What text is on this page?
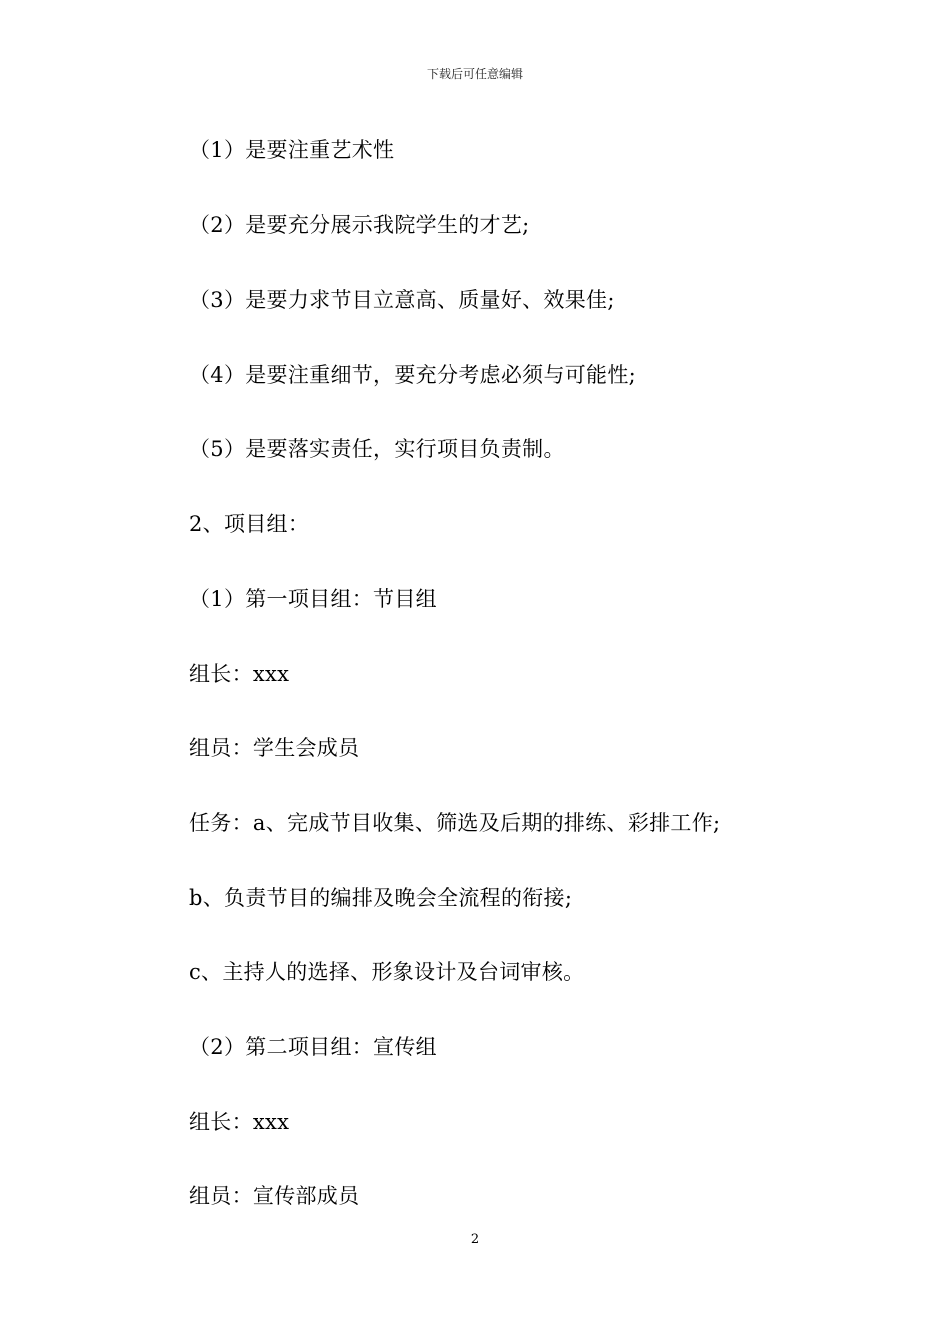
下载后可任意编辑
（1）是要注重艺术性
（2）是要充分展示我院学生的才艺;
（3）是要力求节目立意高、质量好、效果佳;
（4）是要注重细节，要充分考虑必须与可能性;
（5）是要落实责任，实行项目负责制。
2、项目组：
（1）第一项目组：节目组
组长：xxx
组员：学生会成员
任务：a、完成节目收集、筛选及后期的排练、彩排工作;
b、负责节目的编排及晚会全流程的衔接;
c、主持人的选择、形象设计及台词审核。
（2）第二项目组：宣传组
组长：xxx
组员：宣传部成员
2
